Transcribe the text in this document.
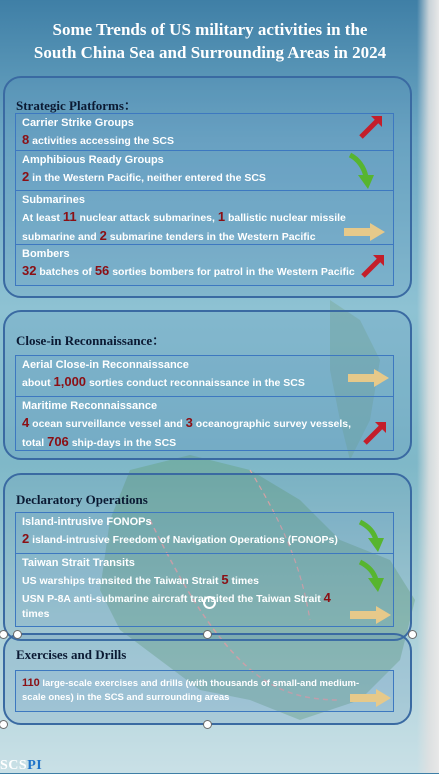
Some Trends of US military activities in the
South China Sea and Surrounding Areas in 2024
Strategic Platforms：
Carrier Strike Groups
8 activities accessing the SCS
Amphibious Ready Groups
2 in the Western Pacific, neither entered the SCS
Submarines
At least 11 nuclear attack submarines, 1 ballistic nuclear missile
submarine and 2 submarine tenders in the Western Pacific
Bombers
32 batches of 56 sorties bombers for patrol in the Western Pacific
Close-in Reconnaissance：
Aerial Close-in Reconnaissance
about 1,000 sorties conduct reconnaissance in the SCS
Maritime Reconnaissance
4 ocean surveillance vessel and 3 oceanographic survey vessels,
total 706 ship-days in the SCS
Declaratory Operations
Island-intrusive FONOPs
2 island-intrusive Freedom of Navigation Operations (FONOPs)
Taiwan Strait Transits
US warships transited the Taiwan Strait 5 times
USN P-8A anti-submarine aircraft transited the Taiwan Strait 4
times
Exercises and Drills
110 large-scale exercises and drills (with thousands of small-and medium-
scale ones) in the SCS and surrounding areas
SCSPI
